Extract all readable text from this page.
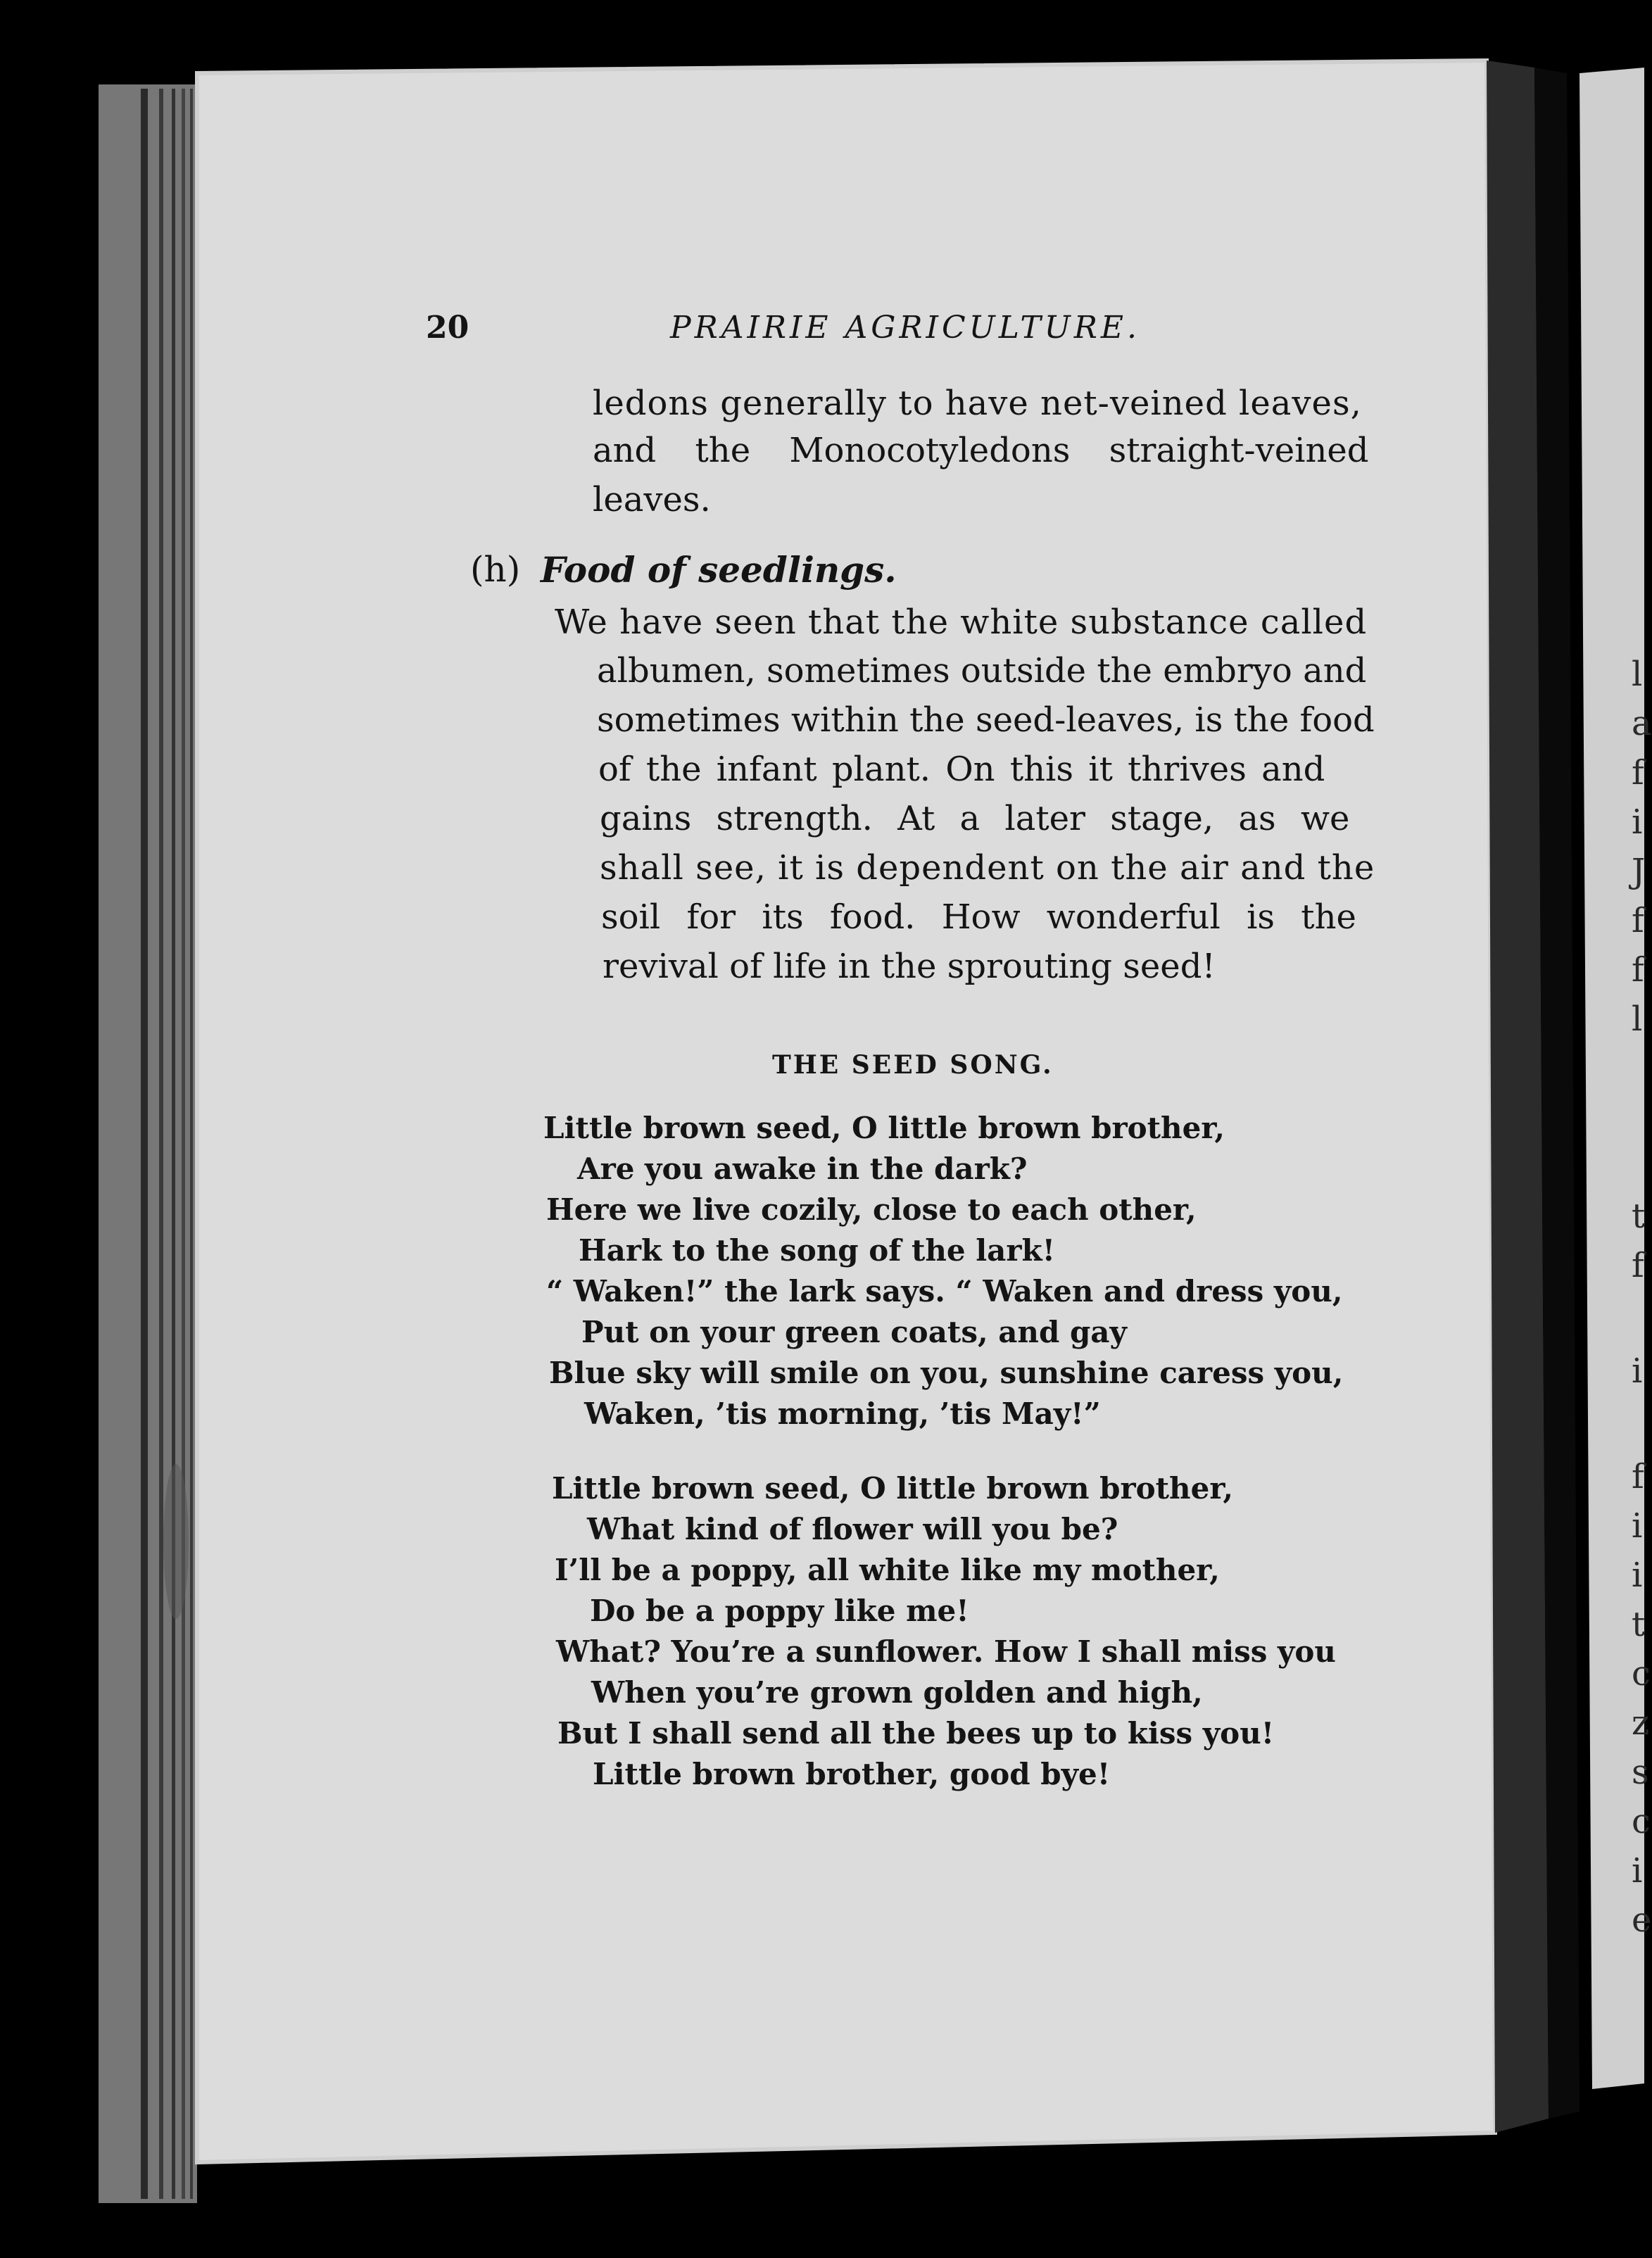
20	PRAIRIE AGRICULTURE.
ledons generally to have net-veined leaves,
and the Monocotyledons straight-veined
leaves.
(h) Food of seedlings.
We have seen that the white substance called
albumen, sometimes outside the embryo and
sometimes within the seed-leaves, is the food
of the infant plant. On this it thrives and
gains strength. At a later stage, as we
shall see, it is dependent on the air and the
soil for its food. How wonderful is the
revival of life in the sprouting seed!
THE SEED SONG.
Little brown seed, O little brown brother,
Are you awake in the dark?
Here we live cozily, close to each other,
Hark to the song of the lark!
“ Waken!” the lark says. “ Waken and dress you,
Put on your green coats, and gay
Blue sky will smile on you, sunshine caress you,
Waken, ’tis morning, ’tis May!”
Little brown seed, O little brown brother,
What kind of flower will you be?
I’ll be a poppy, all white like my mother,
Do be a poppy like me!
What? You’re a sunflower. How I shall miss you
When you’re grown golden and high,
But I shall send all the bees up to kiss you!
Little brown brother, good bye!
l
a
f
i
J
f
f
l
t
f
i
f
i
i
t
c
z
s
c
i
e
